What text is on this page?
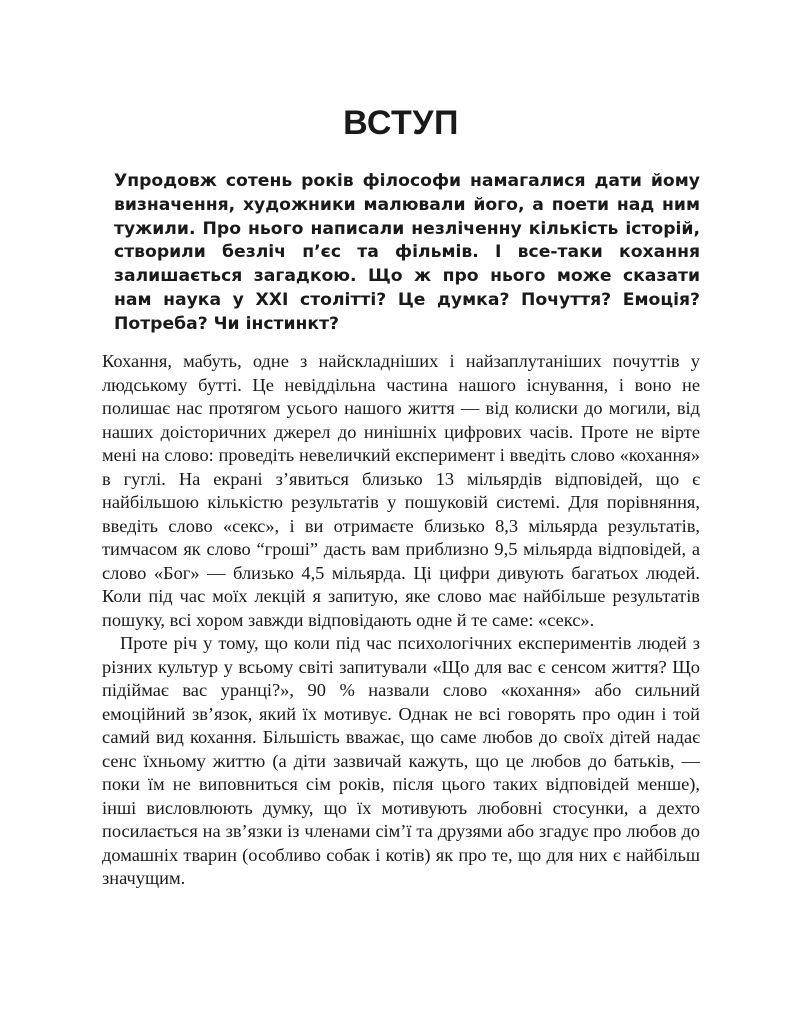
ВСТУП

Упродовж сотень років філософи намагалися дати йому визначення, художники малювали його, а поети над ним тужили. Про нього написали незліченну кількість історій, створили безліч п’єс та фільмів. І все-таки кохання залишається загадкою. Що ж про нього може сказати нам наука у ХХІ столітті? Це думка? Почуття? Емоція? Потреба? Чи інстинкт?

Кохання, мабуть, одне з найскладніших і найзаплутаніших почуттів у людському бутті. Це невіддільна частина нашого існування, і воно не полишає нас протягом усього нашого життя — від колиски до могили, від наших доісторичних джерел до нинішніх цифрових часів. Проте не вірте мені на слово: проведіть невеличкий експеримент і введіть слово «кохання» в гуглі. На екрані з’явиться близько 13 мільярдів відповідей, що є найбільшою кількістю результатів у пошуковій системі. Для порівняння, введіть слово «секс», і ви отримаєте близько 8,3 мільярда результатів, тимчасом як слово “гроші” дасть вам приблизно 9,5 мільярда відповідей, а слово «Бог» — близько 4,5 мільярда. Ці цифри дивують багатьох людей. Коли під час моїх лекцій я запитую, яке слово має найбільше результатів пошуку, всі хором завжди відповідають одне й те саме: «секс».

Проте річ у тому, що коли під час психологічних експериментів людей з різних культур у всьому світі запитували «Що для вас є сенсом життя? Що підіймає вас уранці?», 90 % назвали слово «кохання» або сильний емоційний зв’язок, який їх мотивує. Однак не всі говорять про один і той самий вид кохання. Більшість вважає, що саме любов до своїх дітей надає сенс їхньому життю (а діти зазвичай кажуть, що це любов до батьків, — поки їм не виповниться сім років, після цього таких відповідей менше), інші висловлюють думку, що їх мотивують любовні стосунки, а дехто посилається на зв’язки із членами сім’ї та друзями або згадує про любов до домашніх тварин (особливо собак і котів) як про те, що для них є найбільш значущим.
